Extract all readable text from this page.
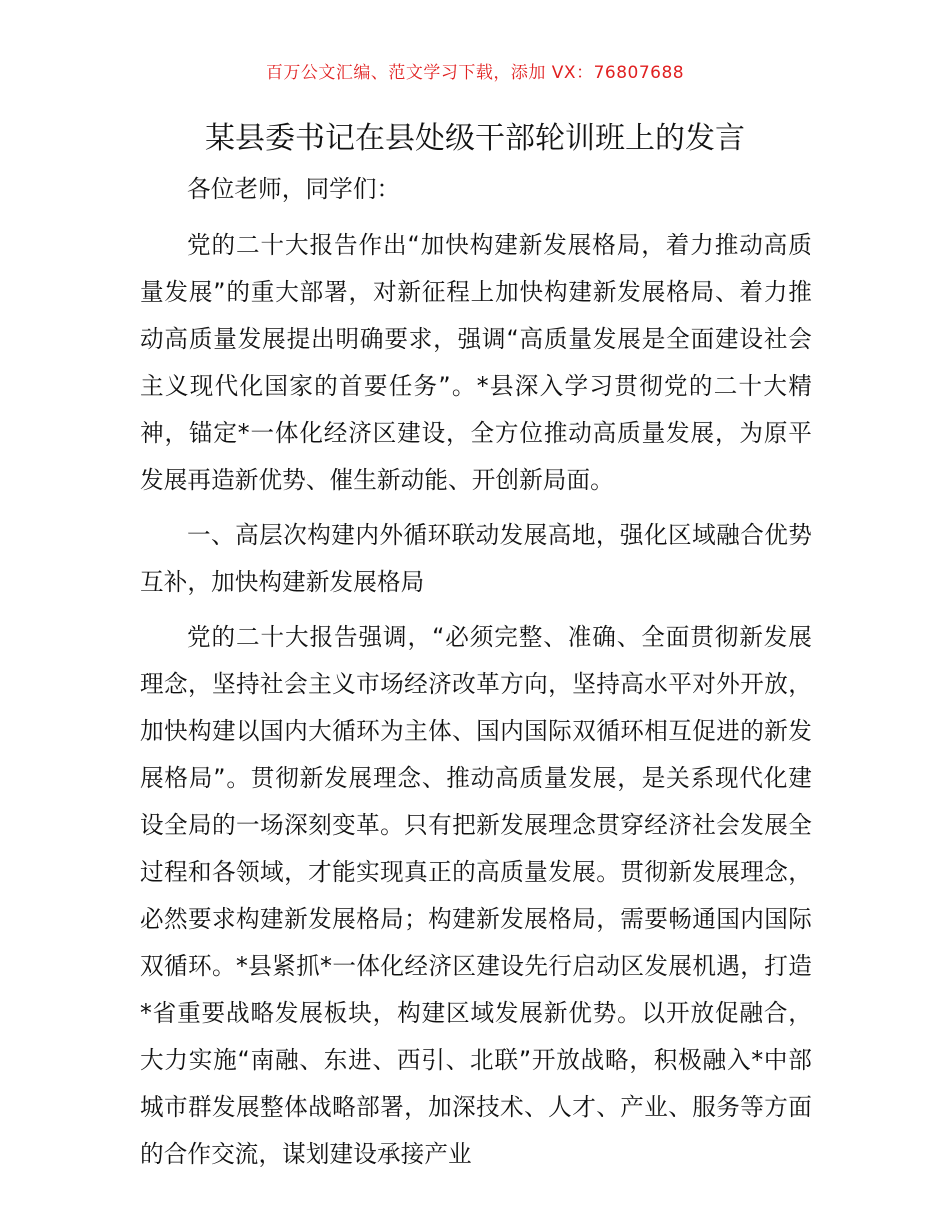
百万公文汇编、范文学习下载，添加 VX：76807688
某县委书记在县处级干部轮训班上的发言

各位老师，同学们：

党的二十大报告作出“加快构建新发展格局，着力推动高质量发展”的重大部署，对新征程上加快构建新发展格局、着力推动高质量发展提出明确要求，强调“高质量发展是全面建设社会主义现代化国家的首要任务”。*县深入学习贯彻党的二十大精神，锚定*一体化经济区建设，全方位推动高质量发展，为原平发展再造新优势、催生新动能、开创新局面。

一、高层次构建内外循环联动发展高地，强化区域融合优势互补，加快构建新发展格局

党的二十大报告强调，“必须完整、准确、全面贯彻新发展理念，坚持社会主义市场经济改革方向，坚持高水平对外开放，加快构建以国内大循环为主体、国内国际双循环相互促进的新发展格局”。贯彻新发展理念、推动高质量发展，是关系现代化建设全局的一场深刻变革。只有把新发展理念贯穿经济社会发展全过程和各领域，才能实现真正的高质量发展。贯彻新发展理念，必然要求构建新发展格局；构建新发展格局，需要畅通国内国际双循环。*县紧抓*一体化经济区建设先行启动区发展机遇，打造*省重要战略发展板块，构建区域发展新优势。以开放促融合，大力实施“南融、东进、西引、北联”开放战略，积极融入*中部城市群发展整体战略部署，加深技术、人才、产业、服务等方面的合作交流，谋划建设承接产业
